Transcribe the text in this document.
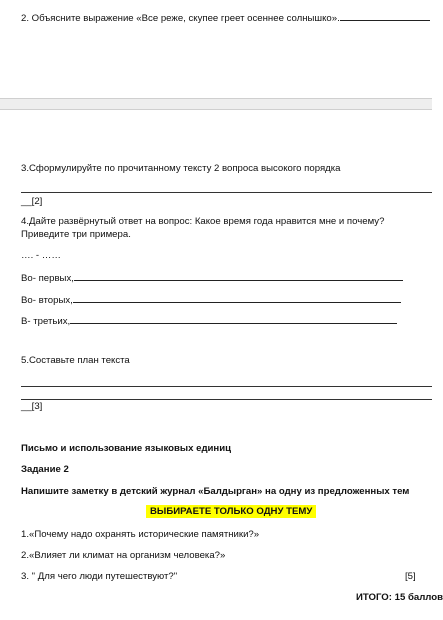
2. Объясните выражение «Все реже, скупее греет осеннее солнышко».
3.Сформулируйте по прочитанному тексту 2 вопроса высокого порядка
__[2]
4.Дайте развёрнутый ответ на вопрос: Какое время года нравится мне и почему?
Приведите три примера.
…. - ……
Во- первых,
Во- вторых,
В- третьих,
5.Составьте план текста
__[3]
Письмо и использование языковых единиц
Задание 2
Напишите заметку в детский журнал «Балдырган» на одну из предложенных тем
ВЫБИРАЕТЕ ТОЛЬКО ОДНУ ТЕМУ
1.«Почему надо охранять исторические памятники?»
2.«Влияет ли климат на организм человека?»
3. " Для чего люди путешествуют?"	[5]
ИТОГО: 15 баллов
